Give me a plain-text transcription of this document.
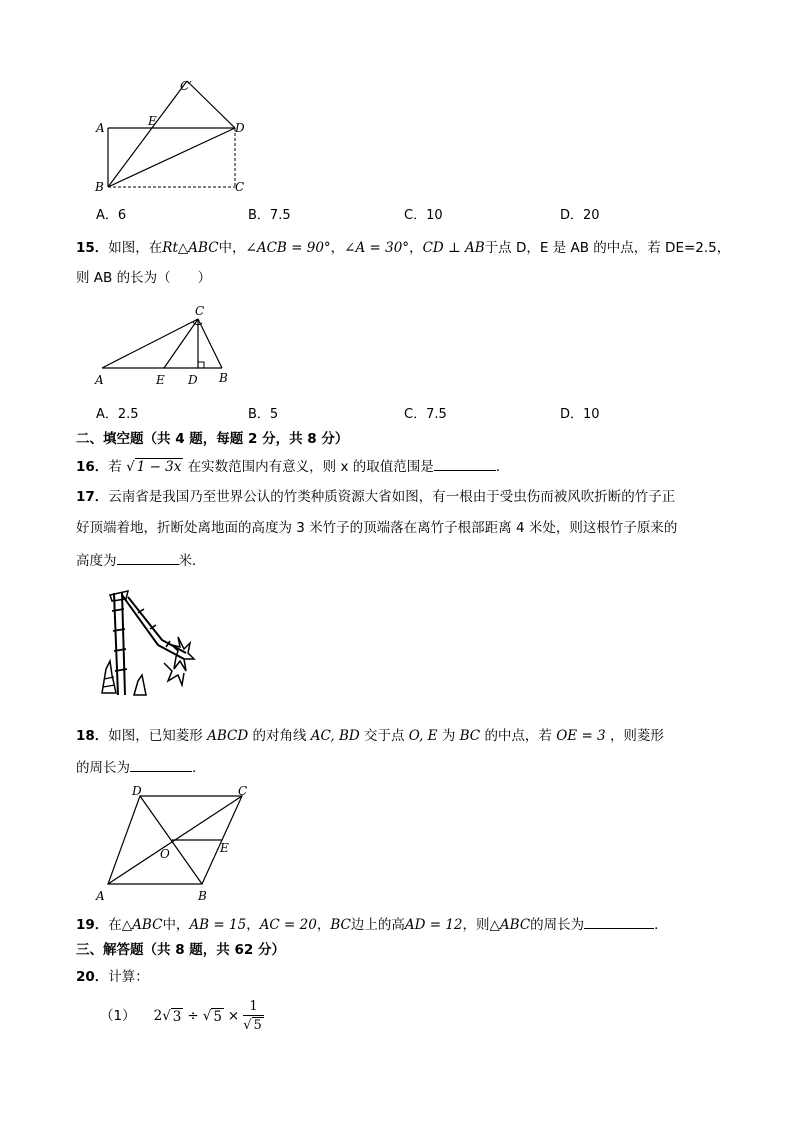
A
B	C
D
E
C′
A．6	B．7.5	C．10	D．20
15．如图，在Rt△ABC中，∠ACB = 90°，∠A = 30°，CD ⊥ AB于点 D，E 是 AB 的中点，若 DE=2.5，
则 AB 的长为（　　）
A	E D B
C
A．2.5	B．5	C．7.5	D．10
二、填空题（共 4 题，每题 2 分，共 8 分）
16．若 √ 1 − 3x 在实数范围内有意义，则 x 的取值范围是	．
17．云南省是我国乃至世界公认的竹类种质资源大省如图，有一根由于受虫伤而被风吹折断的竹子正
好顶端着地，折断处离地面的高度为 3 米竹子的顶端落在离竹子根部距离 4 米处，则这根竹子原来的
高度为	米．
18．如图，已知菱形 ABCD 的对角线 AC, BD 交于点 O, E 为 BC 的中点，若 OE = 3 ，则菱形
的周长为	.
A	B
C
D
O	E
19．在△ABC中，AB = 15，AC = 20，BC边上的高AD = 12，则△ABC的周长为	．
三、解答题（共 8 题，共 62 分）
20．计算：
（1） 2 √ 3 ÷ √ $5 \times \frac{1}{√ 5}$
